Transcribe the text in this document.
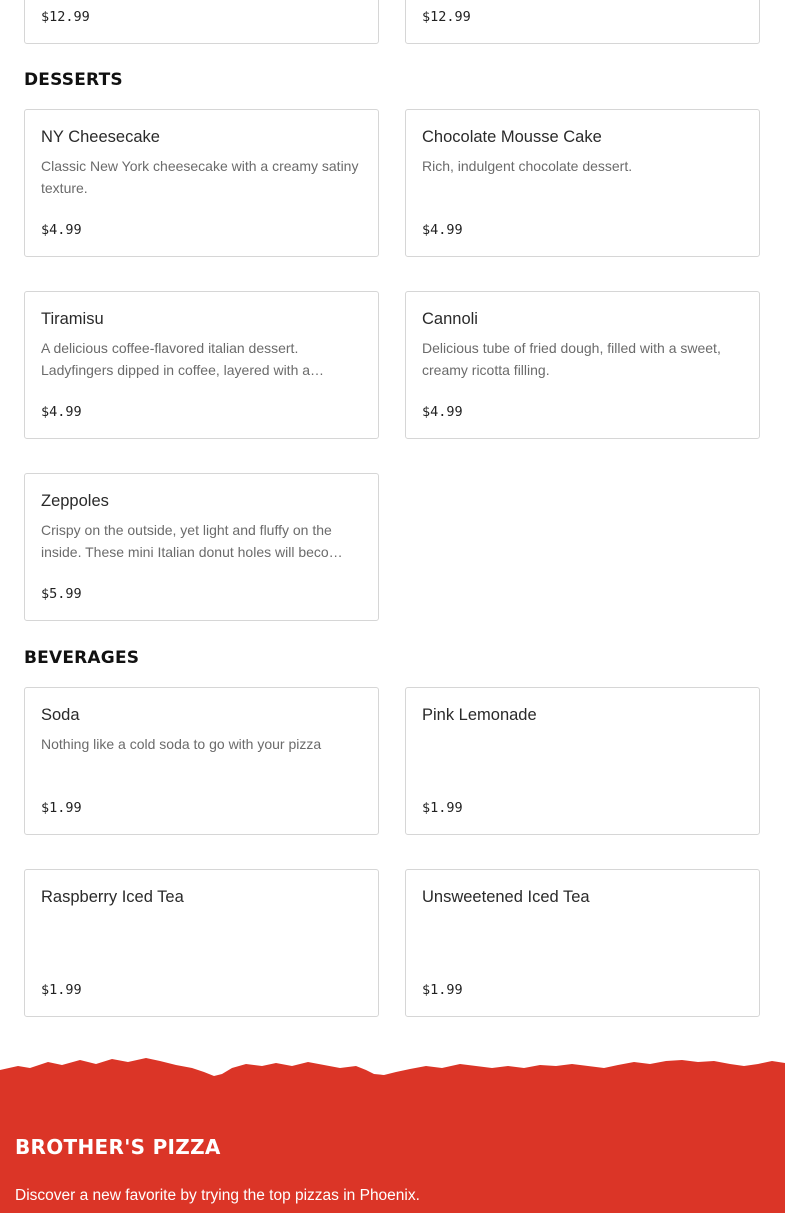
$12.99	$12.99
DESSERTS
NY Cheesecake
Classic New York cheesecake with a creamy satiny texture.
$4.99
Chocolate Mousse Cake
Rich, indulgent chocolate dessert.
$4.99
Tiramisu
A delicious coffee-flavored italian dessert. Ladyfingers dipped in coffee, layered with a…
$4.99
Cannoli
Delicious tube of fried dough, filled with a sweet, creamy ricotta filling.
$4.99
Zeppoles
Crispy on the outside, yet light and fluffy on the inside. These mini Italian donut holes will beco…
$5.99
BEVERAGES
Soda
Nothing like a cold soda to go with your pizza
$1.99
Pink Lemonade
$1.99
Raspberry Iced Tea
$1.99
Unsweetened Iced Tea
$1.99
BROTHER'S PIZZA
Discover a new favorite by trying the top pizzas in Phoenix.
